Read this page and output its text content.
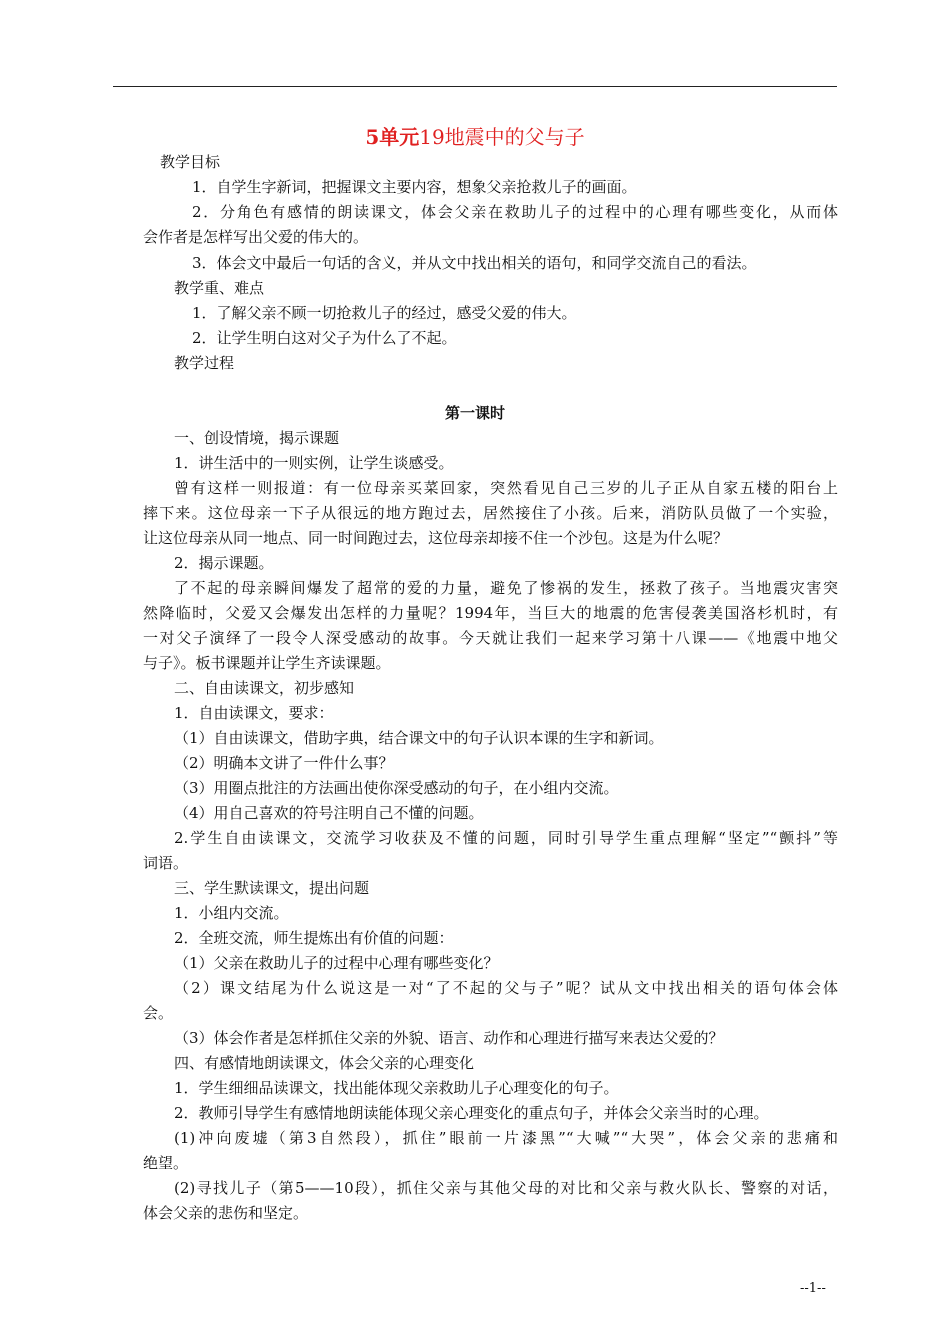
5单元19地震中的父与子
教学目标
1．自学生字新词，把握课文主要内容，想象父亲抢救儿子的画面。
2．分角色有感情的朗读课文，体会父亲在救助儿子的过程中的心理有哪些变化，从而体
会作者是怎样写出父爱的伟大的。
3．体会文中最后一句话的含义，并从文中找出相关的语句，和同学交流自己的看法。
教学重、难点
1．了解父亲不顾一切抢救儿子的经过，感受父爱的伟大。
2．让学生明白这对父子为什么了不起。
教学过程
第一课时
一、创设情境，揭示课题
1．讲生活中的一则实例，让学生谈感受。
曾有这样一则报道：有一位母亲买菜回家，突然看见自己三岁的儿子正从自家五楼的阳台上
摔下来。这位母亲一下子从很远的地方跑过去，居然接住了小孩。后来，消防队员做了一个实验，
让这位母亲从同一地点、同一时间跑过去，这位母亲却接不住一个沙包。这是为什么呢？
2．揭示课题。
了不起的母亲瞬间爆发了超常的爱的力量，避免了惨祸的发生，拯救了孩子。当地震灾害突
然降临时，父爱又会爆发出怎样的力量呢？1994年，当巨大的地震的危害侵袭美国洛杉机时，有
一对父子演绎了一段令人深受感动的故事。今天就让我们一起来学习第十八课——《地震中地父
与子》。板书课题并让学生齐读课题。
二、自由读课文，初步感知
1．自由读课文，要求：
（1）自由读课文，借助字典，结合课文中的句子认识本课的生字和新词。
（2）明确本文讲了一件什么事？
（3）用圈点批注的方法画出使你深受感动的句子，在小组内交流。
（4）用自己喜欢的符号注明自己不懂的问题。
2.学生自由读课文，交流学习收获及不懂的问题，同时引导学生重点理解“坚定”“颤抖”等
词语。
三、学生默读课文，提出问题
1．小组内交流。
2．全班交流，师生提炼出有价值的问题：
（1）父亲在救助儿子的过程中心理有哪些变化？
（2）课文结尾为什么说这是一对“了不起的父与子”呢？试从文中找出相关的语句体会体
会。
（3）体会作者是怎样抓住父亲的外貌、语言、动作和心理进行描写来表达父爱的？
四、有感情地朗读课文，体会父亲的心理变化
1．学生细细品读课文，找出能体现父亲救助儿子心理变化的句子。
2．教师引导学生有感情地朗读能体现父亲心理变化的重点句子，并体会父亲当时的心理。
(1)冲向废墟（第3自然段），抓住”眼前一片漆黑”“大喊”“大哭”，体会父亲的悲痛和
绝望。
(2)寻找儿子（第5——10段），抓住父亲与其他父母的对比和父亲与救火队长、警察的对话，
体会父亲的悲伤和坚定。
--1--
